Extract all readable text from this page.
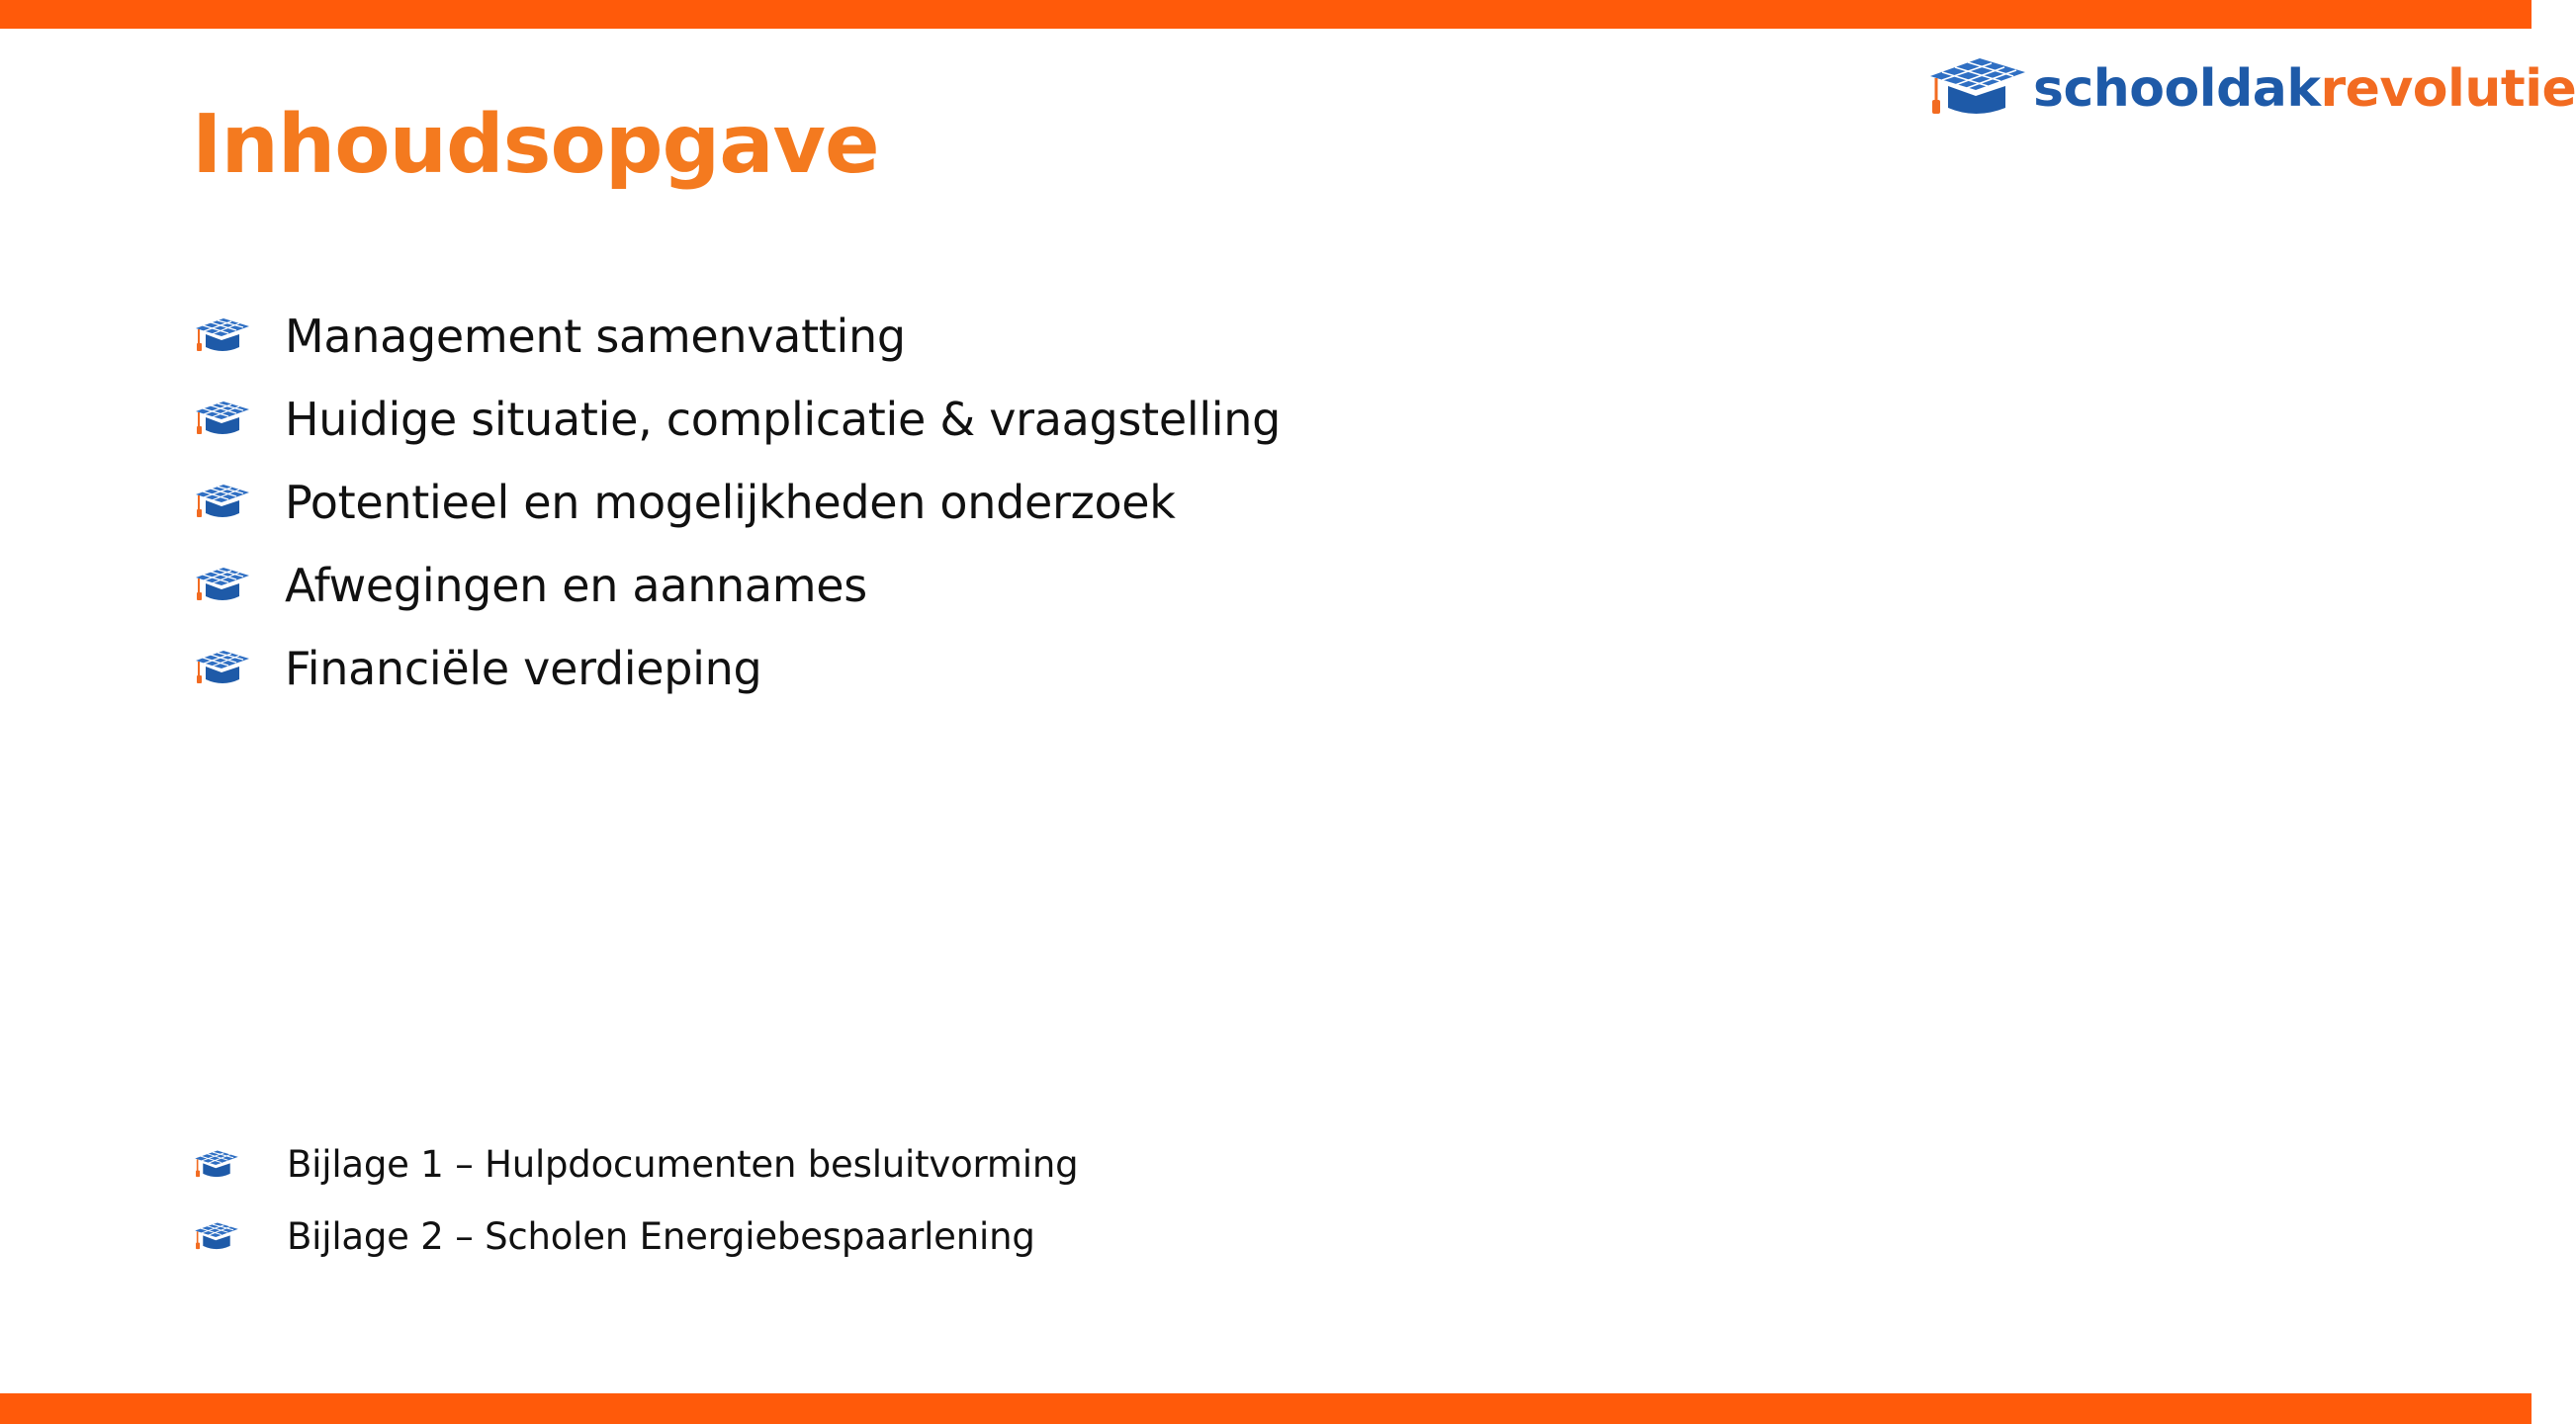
Inhoudsopgave
schooldakrevolutie
Management samenvatting
Huidige situatie, complicatie & vraagstelling
Potentieel en mogelijkheden onderzoek
Afwegingen en aannames
Financiële verdieping
Bijlage 1 – Hulpdocumenten besluitvorming
Bijlage 2 – Scholen Energiebespaarlening
